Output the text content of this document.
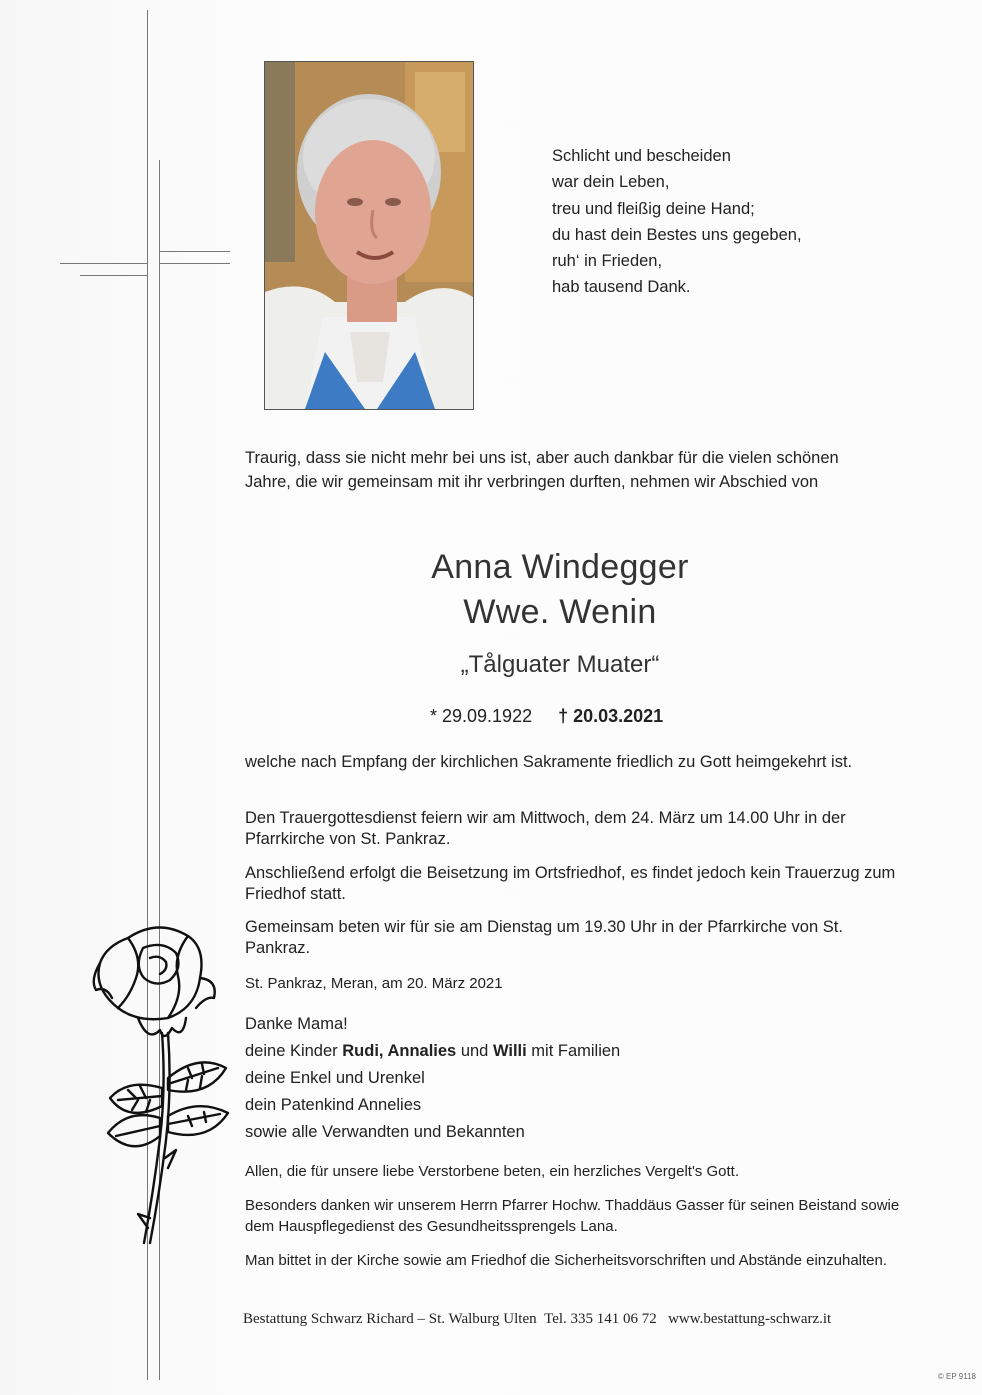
Schlicht und bescheiden
war dein Leben,
treu und fleißig deine Hand;
du hast dein Bestes uns gegeben,
ruh‘ in Frieden,
hab tausend Dank.
Traurig, dass sie nicht mehr bei uns ist, aber auch dankbar für die vielen schönen Jahre, die wir gemeinsam mit ihr verbringen durften, nehmen wir Abschied von
Anna Windegger
Wwe. Wenin
„Tålguater Muater“
* 29.09.1922 † 20.03.2021
welche nach Empfang der kirchlichen Sakramente friedlich zu Gott heimgekehrt ist.
Den Trauergottesdienst feiern wir am Mittwoch, dem 24. März um 14.00 Uhr in der Pfarrkirche von St. Pankraz.
Anschließend erfolgt die Beisetzung im Ortsfriedhof, es findet jedoch kein Trauerzug zum Friedhof statt.
Gemeinsam beten wir für sie am Dienstag um 19.30 Uhr in der Pfarrkirche von St. Pankraz.
St. Pankraz, Meran, am 20. März 2021
Danke Mama!
deine Kinder Rudi, Annalies und Willi mit Familien
deine Enkel und Urenkel
dein Patenkind Annelies
sowie alle Verwandten und Bekannten
Allen, die für unsere liebe Verstorbene beten, ein herzliches Vergelt's Gott.
Besonders danken wir unserem Herrn Pfarrer Hochw. Thaddäus Gasser für seinen Beistand sowie dem Hauspflegedienst des Gesundheitssprengels Lana.
Man bittet in der Kirche sowie am Friedhof die Sicherheitsvorschriften und Abstände einzuhalten.
Bestattung Schwarz Richard – St. Walburg Ulten Tel. 335 141 06 72 www.bestattung-schwarz.it
© EP 9118
